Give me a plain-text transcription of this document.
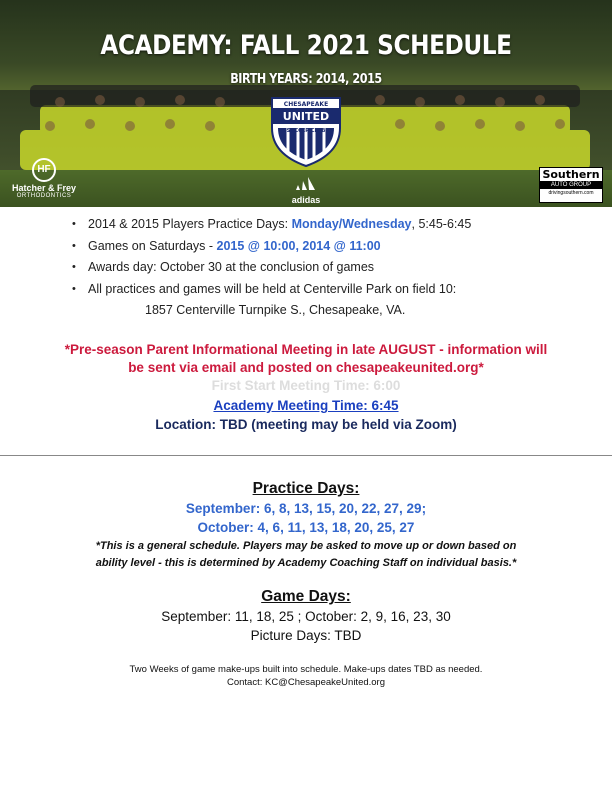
ACADEMY: FALL 2021 SCHEDULE
BIRTH YEARS: 2014, 2015
CHESAPEAKE
UNITED
SOCCER CLUB
HF
Hatcher & Frey
ORTHODONTICS	adidas
Southern
AUTO GROUP
drivingsouthern.com
• 2014 & 2015 Players Practice Days: Monday/Wednesday, 5:45-6:45
• Games on Saturdays - 2015 @ 10:00, 2014 @ 11:00
• Awards day: October 30 at the conclusion of games
• All practices and games will be held at Centerville Park on field 10:
1857 Centerville Turnpike S., Chesapeake, VA.
*Pre-season Parent Informational Meeting in late AUGUST - information will
be sent via email and posted on chesapeakeunited.org*
First Start Meeting Time: 6:00
Academy Meeting Time: 6:45
Location: TBD (meeting may be held via Zoom)
Practice Days:
September: 6, 8, 13, 15, 20, 22, 27, 29;
October: 4, 6, 11, 13, 18, 20, 25, 27
*This is a general schedule. Players may be asked to move up or down based on
ability level - this is determined by Academy Coaching Staff on individual basis.*
Game Days:
September: 11, 18, 25 ; October: 2, 9, 16, 23, 30
Picture Days: TBD
Two Weeks of game make-ups built into schedule. Make-ups dates TBD as needed.
Contact: KC@ChesapeakeUnited.org
